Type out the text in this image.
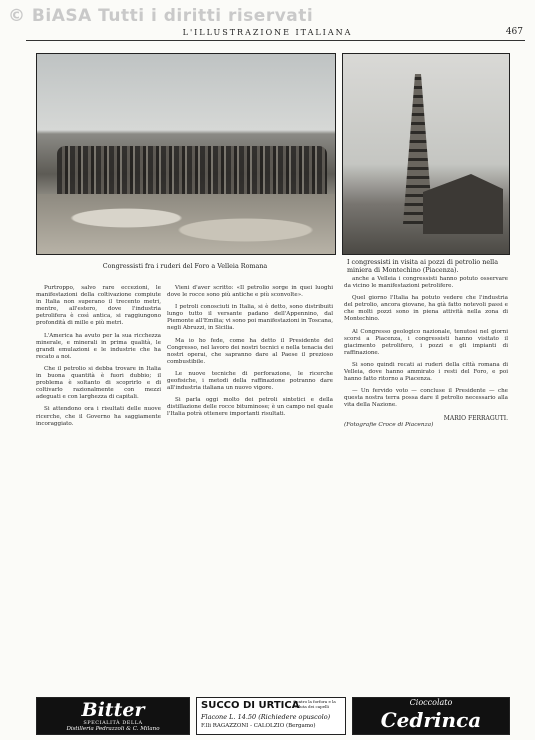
© BiASA Tutti i diritti riservati
L'ILLUSTRAZIONE ITALIANA	467
Congressisti fra i ruderi del Foro a Velleia Romana	I congressisti in visita ai pozzi di petrolio nella miniera di Montechino (Piacenza).

Purtroppo, salvo rare eccezioni, le manifestazioni della coltivazione compiute in Italia non superano il trecento metri, mentre, all'estero, dove l'industria petrolifera è così antica, si raggiungono profondità di mille e più metri.

L'America ha avuto per la sua ricchezza minerale, e minerali in prima qualità, le grandi emulazioni e le industrie che ha recato a noi.

Che il petrolio si debba trovare in Italia in buona quantità è fuori dubbio; il problema è soltanto di scoprirlo e di coltivarlo razionalmente con mezzi adeguati e con larghezza di capitali.

Si attendono ora i risultati delle nuove ricerche, che il Governo ha saggiamente incoraggiato.

Vieni d'aver scritto: «Il petrolio sorge in quei luoghi dove le rocce sono più antiche e più sconvolte».

I petroli conosciuti in Italia, si è detto, sono distribuiti lungo tutto il versante padano dell'Appennino, dal Piemonte all'Emilia; vi sono poi manifestazioni in Toscana, negli Abruzzi, in Sicilia.

Ma io ho fede, come ha detto il Presidente del Congresso, nel lavoro dei nostri tecnici e nella tenacia dei nostri operai, che sapranno dare al Paese il prezioso combustibile.

Le nuove tecniche di perforazione, le ricerche geofisiche, i metodi della raffinazione potranno dare all'industria italiana un nuovo vigore.

Si parla oggi molto dei petroli sintetici e della distillazione delle rocce bituminose; è un campo nel quale l'Italia potrà ottenere importanti risultati.

anche a Velleia i congressisti hanno potuto osservare da vicino le manifestazioni petrolifere.

Quel giorno l'Italia ha potuto vedere che l'industria del petrolio, ancora giovane, ha già fatto notevoli passi e che molti pozzi sono in piena attività nella zona di Montechino.

Al Congresso geologico nazionale, tenutosi nel giorni scorsi a Piacenza, i congressisti hanno visitato il giacimento petrolifero, i pozzi e gli impianti di raffinazione.

Si sono quindi recati ai ruderi della città romana di Velleia, dove hanno ammirato i resti del Foro, e poi hanno fatto ritorno a Piacenza.

— Un fervido voto — concluse il Presidente — che questa nostra terra possa dare il petrolio necessario alla vita della Nazione.

MARIO FERRAGUTI.
(Fotografie Croce di Piacenza)
Bitter
SPECIALITÀ DELLA
Distilleria Pedrazzoli & C. Milano
SUCCO DI URTICA
Contro la forfora e la caduta dei capelli
Flacone L. 14.50 (Richiedere opuscolo)
F.lli RAGAZZONI - CALOLZIO (Bergamo)
Cioccolato
Cedrinca
